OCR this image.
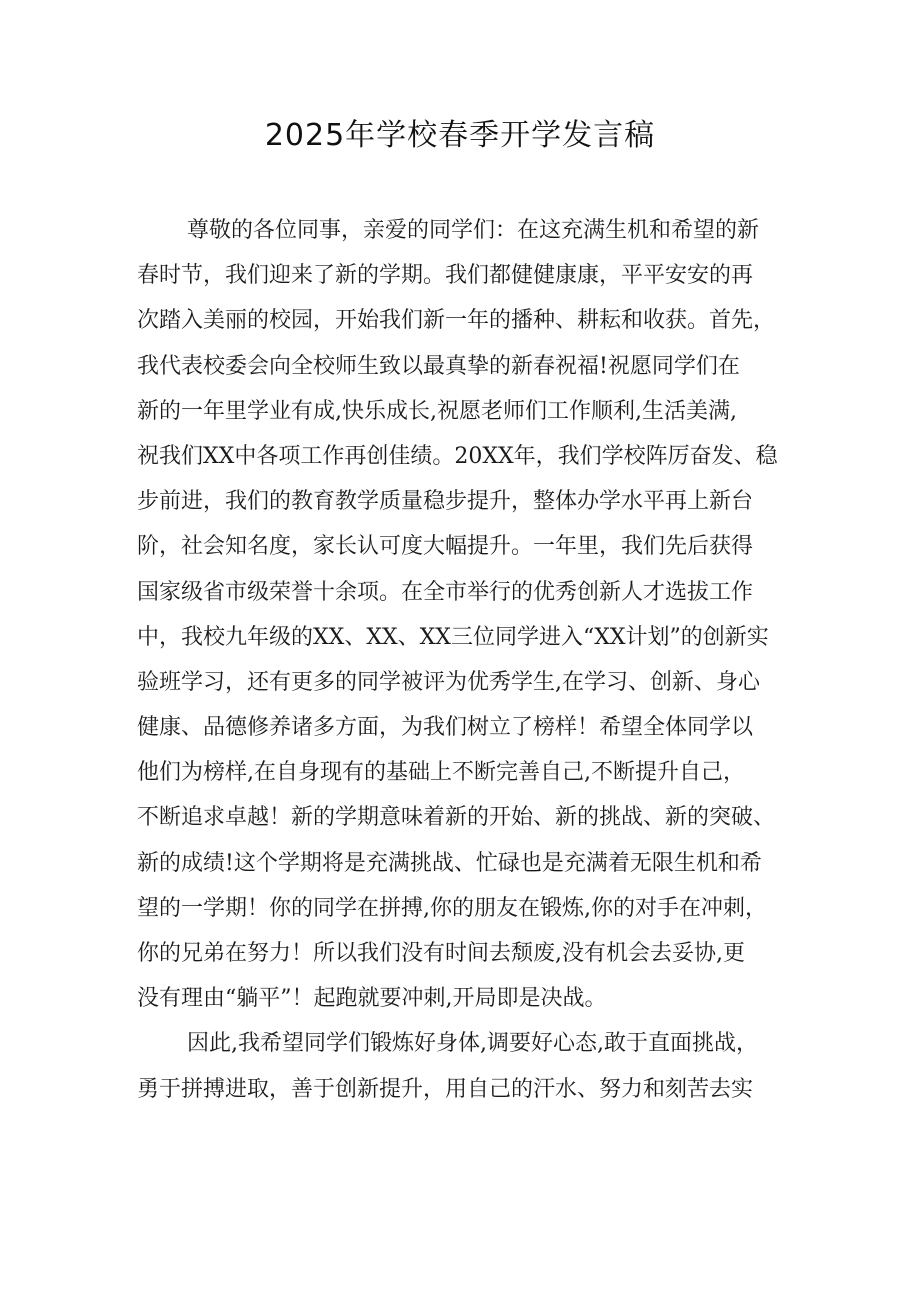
2025年学校春季开学发言稿
尊敬的各位同事，亲爱的同学们：在这充满生机和希望的新
春时节，我们迎来了新的学期。我们都健健康康，平平安安的再
次踏入美丽的校园，开始我们新一年的播种、耕耘和收获。首先，
我代表校委会向全校师生致以最真挚的新春祝福!祝愿同学们在
新的一年里学业有成,快乐成长,祝愿老师们工作顺利,生活美满,
祝我们XX中各项工作再创佳绩。20XX年，我们学校阵厉奋发、稳
步前进，我们的教育教学质量稳步提升，整体办学水平再上新台
阶，社会知名度，家长认可度大幅提升。一年里，我们先后获得
国家级省市级荣誉十余项。在全市举行的优秀创新人才选拔工作
中，我校九年级的XX、XX、XX三位同学进入“XX计划”的创新实
验班学习，还有更多的同学被评为优秀学生,在学习、创新、身心
健康、品德修养诸多方面，为我们树立了榜样！希望全体同学以
他们为榜样,在自身现有的基础上不断完善自己,不断提升自己，
不断追求卓越！新的学期意味着新的开始、新的挑战、新的突破、
新的成绩!这个学期将是充满挑战、忙碌也是充满着无限生机和希
望的一学期！你的同学在拼搏,你的朋友在锻炼,你的对手在冲刺，
你的兄弟在努力！所以我们没有时间去颓废,没有机会去妥协,更
没有理由“躺平”！起跑就要冲刺,开局即是决战。
因此,我希望同学们锻炼好身体,调要好心态,敢于直面挑战，
勇于拼搏进取，善于创新提升，用自己的汗水、努力和刻苦去实
